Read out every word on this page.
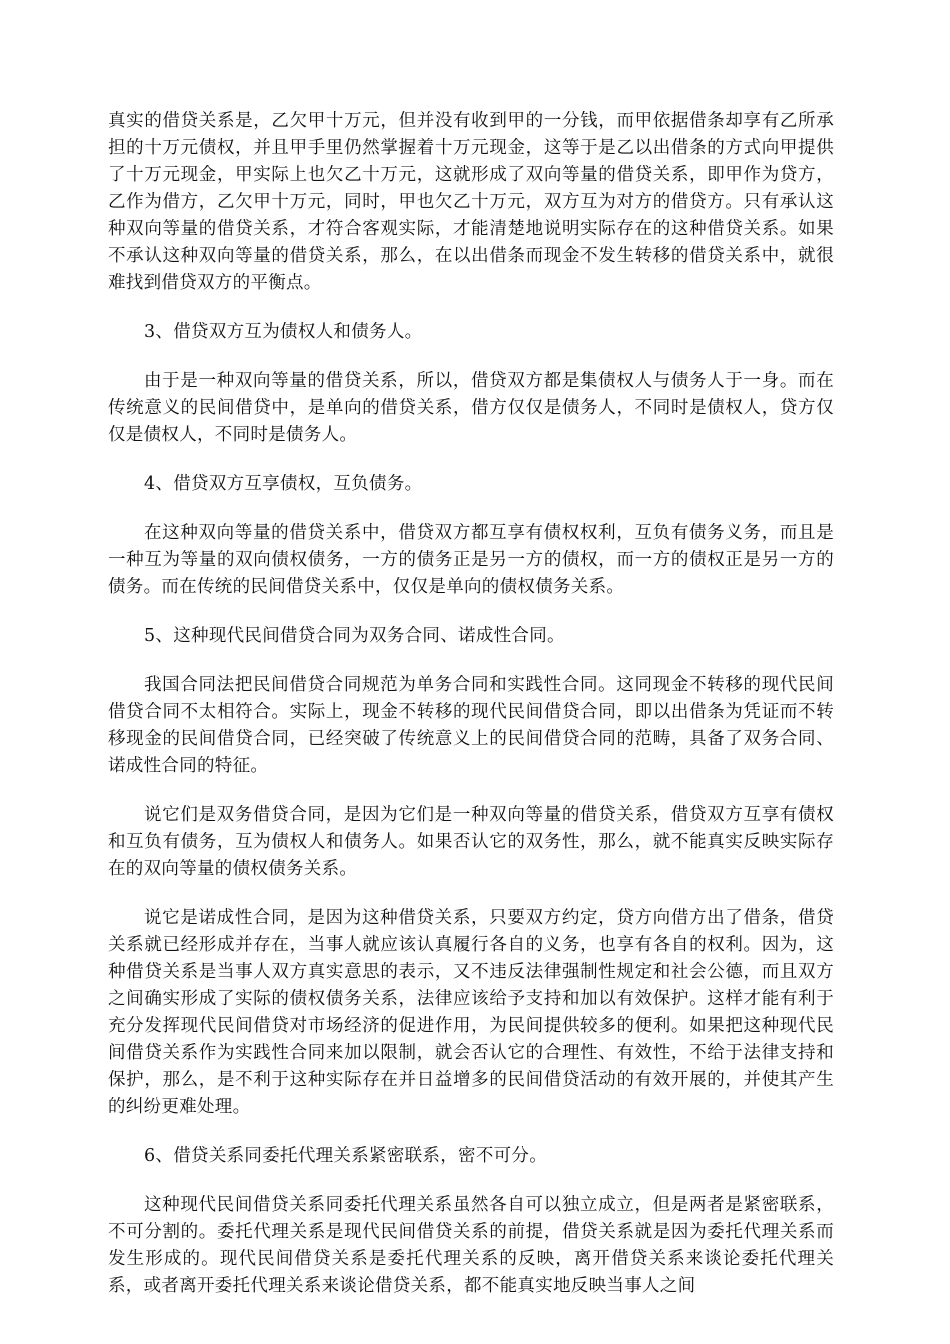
真实的借贷关系是，乙欠甲十万元，但并没有收到甲的一分钱，而甲依据借条却享有乙所承担的十万元债权，并且甲手里仍然掌握着十万元现金，这等于是乙以出借条的方式向甲提供了十万元现金，甲实际上也欠乙十万元，这就形成了双向等量的借贷关系，即甲作为贷方，乙作为借方，乙欠甲十万元，同时，甲也欠乙十万元，双方互为对方的借贷方。只有承认这种双向等量的借贷关系，才符合客观实际，才能清楚地说明实际存在的这种借贷关系。如果不承认这种双向等量的借贷关系，那么，在以出借条而现金不发生转移的借贷关系中，就很难找到借贷双方的平衡点。

3、借贷双方互为债权人和债务人。

由于是一种双向等量的借贷关系，所以，借贷双方都是集债权人与债务人于一身。而在传统意义的民间借贷中，是单向的借贷关系，借方仅仅是债务人，不同时是债权人，贷方仅仅是债权人，不同时是债务人。

4、借贷双方互享债权，互负债务。

在这种双向等量的借贷关系中，借贷双方都互享有债权权利，互负有债务义务，而且是一种互为等量的双向债权债务，一方的债务正是另一方的债权，而一方的债权正是另一方的债务。而在传统的民间借贷关系中，仅仅是单向的债权债务关系。

5、这种现代民间借贷合同为双务合同、诺成性合同。

我国合同法把民间借贷合同规范为单务合同和实践性合同。这同现金不转移的现代民间借贷合同不太相符合。实际上，现金不转移的现代民间借贷合同，即以出借条为凭证而不转移现金的民间借贷合同，已经突破了传统意义上的民间借贷合同的范畴，具备了双务合同、诺成性合同的特征。

说它们是双务借贷合同，是因为它们是一种双向等量的借贷关系，借贷双方互享有债权和互负有债务，互为债权人和债务人。如果否认它的双务性，那么，就不能真实反映实际存在的双向等量的债权债务关系。

说它是诺成性合同，是因为这种借贷关系，只要双方约定，贷方向借方出了借条，借贷关系就已经形成并存在，当事人就应该认真履行各自的义务，也享有各自的权利。因为，这种借贷关系是当事人双方真实意思的表示，又不违反法律强制性规定和社会公德，而且双方之间确实形成了实际的债权债务关系，法律应该给予支持和加以有效保护。这样才能有利于充分发挥现代民间借贷对市场经济的促进作用，为民间提供较多的便利。如果把这种现代民间借贷关系作为实践性合同来加以限制，就会否认它的合理性、有效性，不给于法律支持和保护，那么，是不利于这种实际存在并日益增多的民间借贷活动的有效开展的，并使其产生的纠纷更难处理。

6、借贷关系同委托代理关系紧密联系，密不可分。

这种现代民间借贷关系同委托代理关系虽然各自可以独立成立，但是两者是紧密联系，不可分割的。委托代理关系是现代民间借贷关系的前提，借贷关系就是因为委托代理关系而发生形成的。现代民间借贷关系是委托代理关系的反映，离开借贷关系来谈论委托代理关系，或者离开委托代理关系来谈论借贷关系，都不能真实地反映当事人之间
